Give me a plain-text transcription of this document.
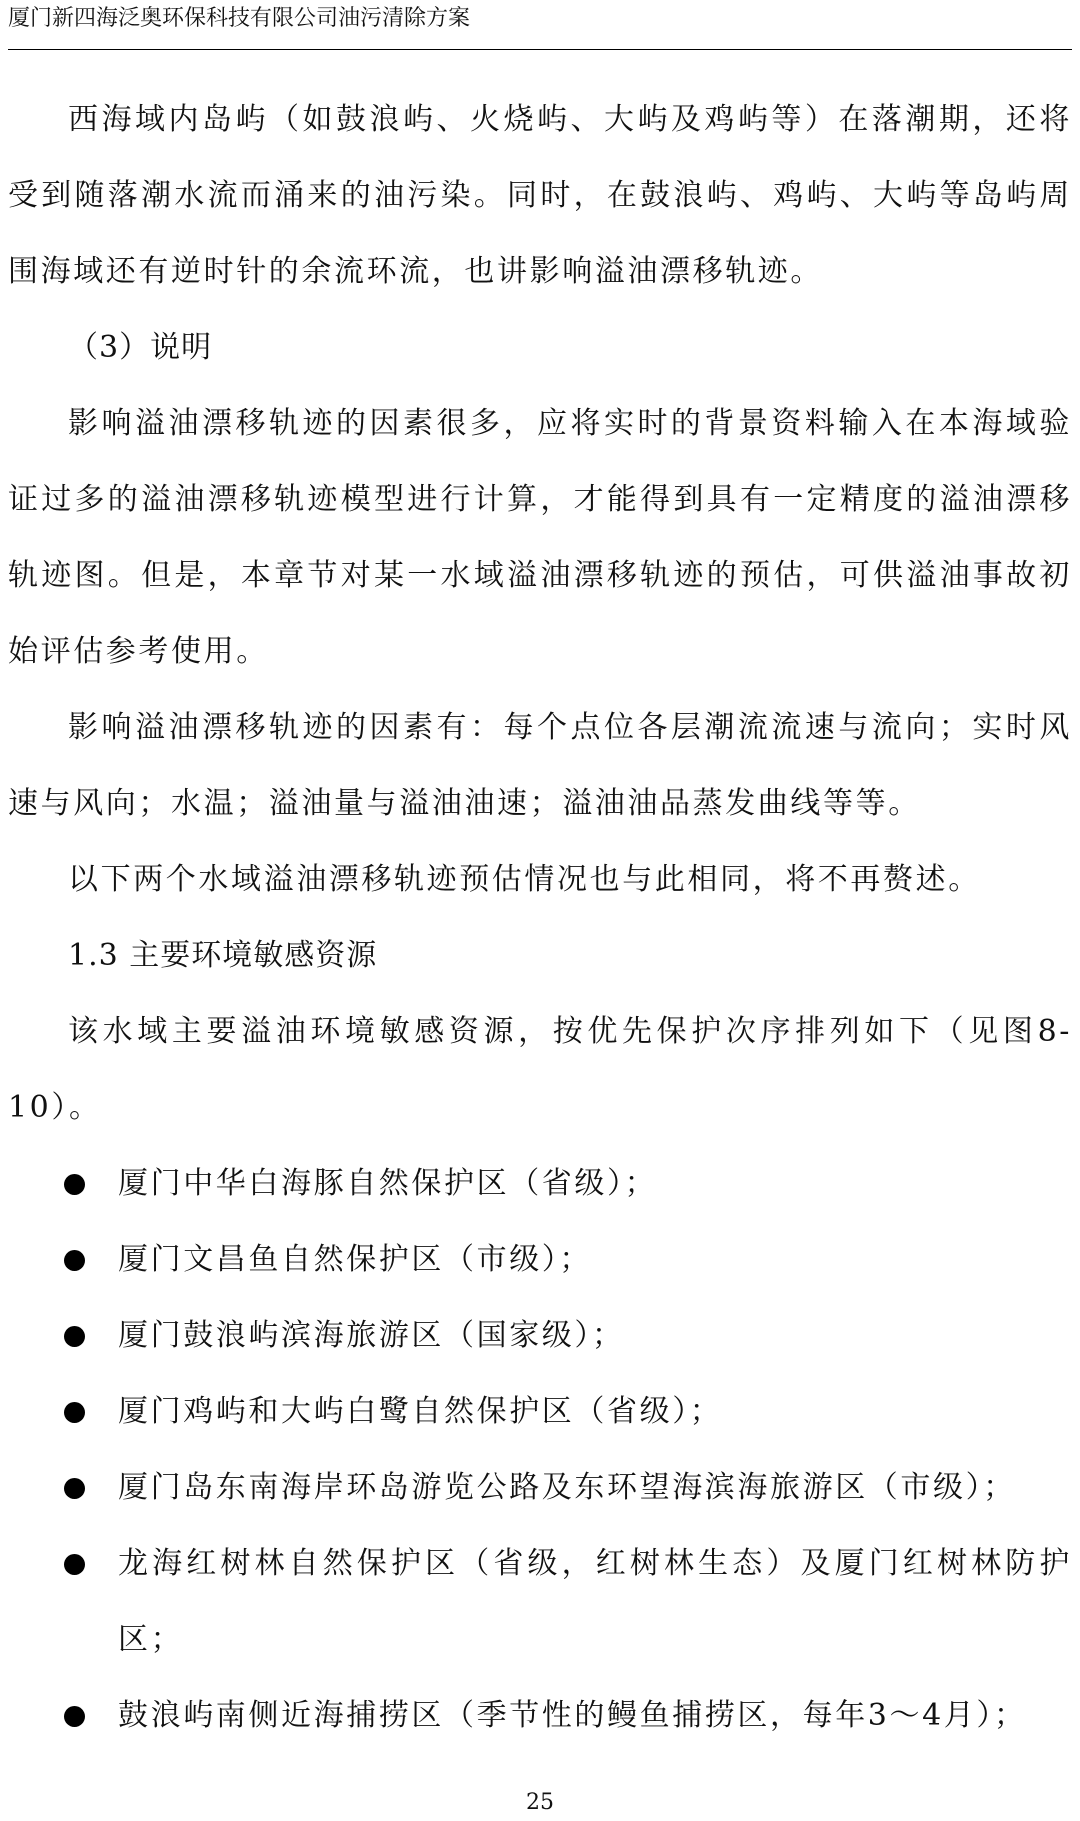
厦门新四海泛奥环保科技有限公司油污清除方案

西海域内岛屿（如鼓浪屿、火烧屿、大屿及鸡屿等）在落潮期，还将受到随落潮水流而涌来的油污染。同时，在鼓浪屿、鸡屿、大屿等岛屿周围海域还有逆时针的余流环流，也讲影响溢油漂移轨迹。

（3）说明

影响溢油漂移轨迹的因素很多，应将实时的背景资料输入在本海域验证过多的溢油漂移轨迹模型进行计算，才能得到具有一定精度的溢油漂移轨迹图。但是，本章节对某一水域溢油漂移轨迹的预估，可供溢油事故初始评估参考使用。

影响溢油漂移轨迹的因素有：每个点位各层潮流流速与流向；实时风速与风向；水温；溢油量与溢油油速；溢油油品蒸发曲线等等。

以下两个水域溢油漂移轨迹预估情况也与此相同，将不再赘述。

1.3 主要环境敏感资源

该水域主要溢油环境敏感资源，按优先保护次序排列如下（见图8-10）。

厦门中华白海豚自然保护区（省级）；
厦门文昌鱼自然保护区（市级）；
厦门鼓浪屿滨海旅游区（国家级）；
厦门鸡屿和大屿白鹭自然保护区（省级）；
厦门岛东南海岸环岛游览公路及东环望海滨海旅游区（市级）；
龙海红树林自然保护区（省级，红树林生态）及厦门红树林防护区；
鼓浪屿南侧近海捕捞区（季节性的鳗鱼捕捞区，每年3～4月）；
25
